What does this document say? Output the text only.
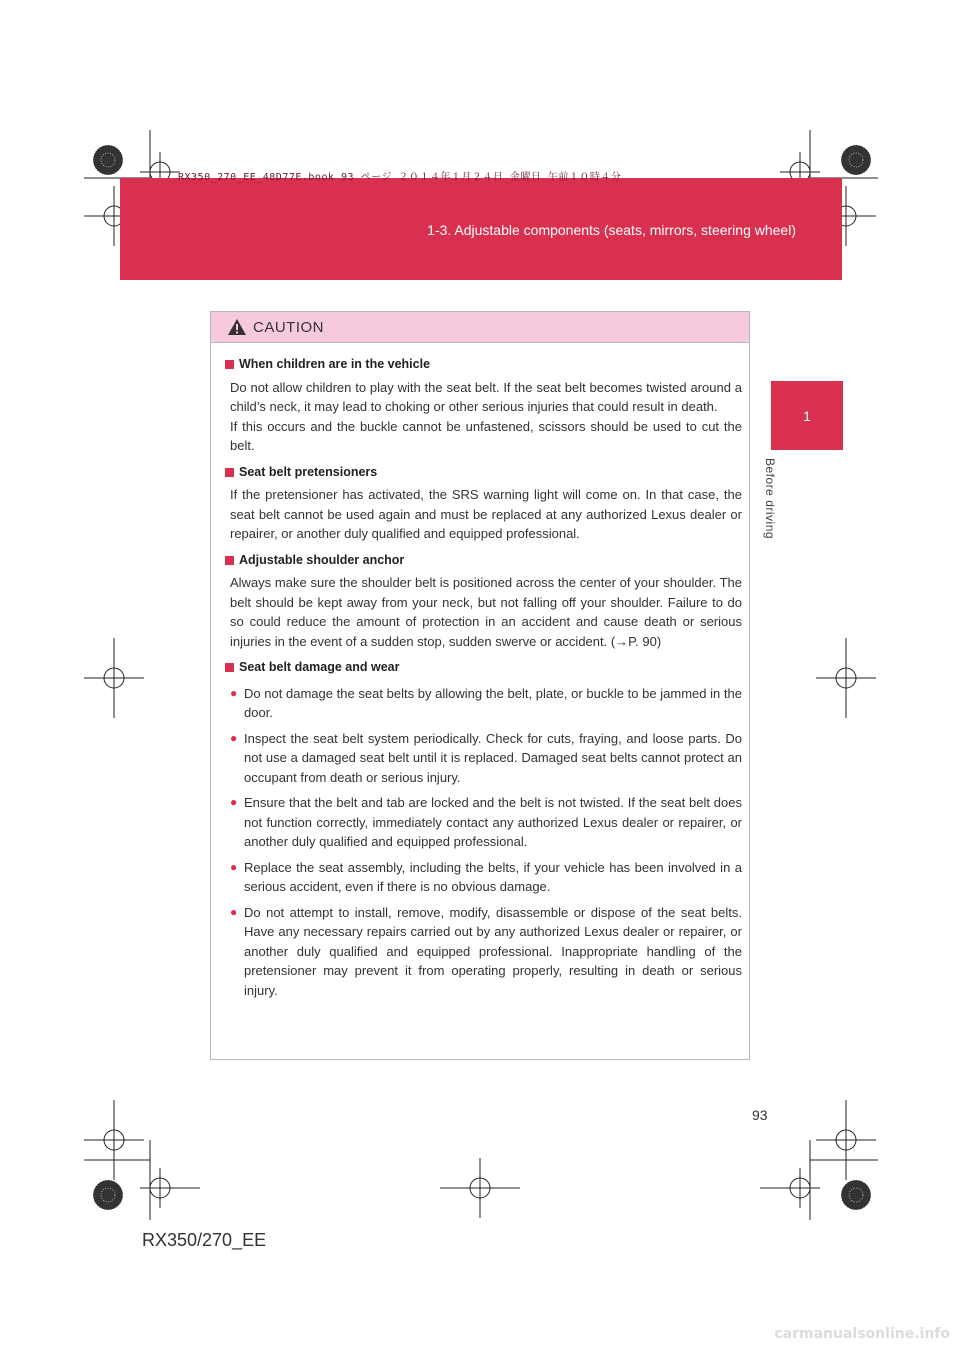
RX350_270_EE_48D77E.book 93 ページ ２０１４年１月２４日 金曜日 午前１０時４分
1-3. Adjustable components (seats, mirrors, steering wheel)
1
Before driving
CAUTION
When children are in the vehicle
Do not allow children to play with the seat belt. If the seat belt becomes twisted around a child’s neck, it may lead to choking or other serious injuries that could result in death.
If this occurs and the buckle cannot be unfastened, scissors should be used to cut the belt.
Seat belt pretensioners
If the pretensioner has activated, the SRS warning light will come on. In that case, the seat belt cannot be used again and must be replaced at any authorized Lexus dealer or repairer, or another duly qualified and equipped professional.
Adjustable shoulder anchor
Always make sure the shoulder belt is positioned across the center of your shoulder. The belt should be kept away from your neck, but not falling off your shoulder. Failure to do so could reduce the amount of protection in an accident and cause death or serious injuries in the event of a sudden stop, sudden swerve or accident. (→P. 90)
Seat belt damage and wear
● Do not damage the seat belts by allowing the belt, plate, or buckle to be jammed in the door.
● Inspect the seat belt system periodically. Check for cuts, fraying, and loose parts. Do not use a damaged seat belt until it is replaced. Damaged seat belts cannot protect an occupant from death or serious injury.
● Ensure that the belt and tab are locked and the belt is not twisted. If the seat belt does not function correctly, immediately contact any authorized Lexus dealer or repairer, or another duly qualified and equipped professional.
● Replace the seat assembly, including the belts, if your vehicle has been involved in a serious accident, even if there is no obvious damage.
● Do not attempt to install, remove, modify, disassemble or dispose of the seat belts. Have any necessary repairs carried out by any authorized Lexus dealer or repairer, or another duly qualified and equipped professional. Inappropriate handling of the pretensioner may prevent it from operating properly, resulting in death or serious injury.
93
RX350/270_EE
carmanualsonline.info
